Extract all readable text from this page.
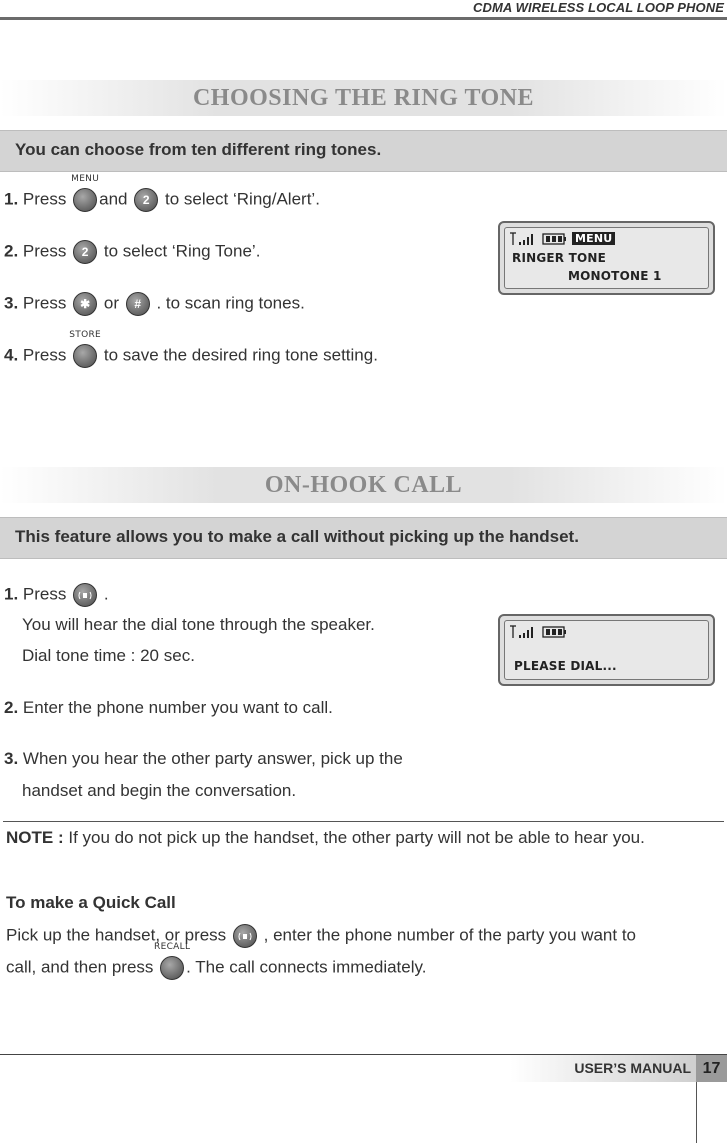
CDMA WIRELESS LOCAL LOOP PHONE
CHOOSING THE RING TONE
You can choose from ten different ring tones.
1. Press
MENU
and 2 to select ‘Ring/Alert’.
2. Press 2 to select ‘Ring Tone’.
3. Press ✱ or # . to scan ring tones.
4. Press
STORE
to save the desired ring tone setting.
MENU
RINGER TONE
MONOTONE 1
ON-HOOK CALL
This feature allows you to make a call without picking up the handset.
1. Press .
You will hear the dial tone through the speaker.
Dial tone time : 20 sec.
2. Enter the phone number you want to call.
3. When you hear the other party answer, pick up the
handset and begin the conversation.
PLEASE DIAL...
NOTE : If you do not pick up the handset, the other party will not be able to hear you.
To make a Quick Call
Pick up the handset, or press , enter the phone number of the party you want to
call, and then press
RECALL
. The call connects immediately.
USER’S MANUAL 17
